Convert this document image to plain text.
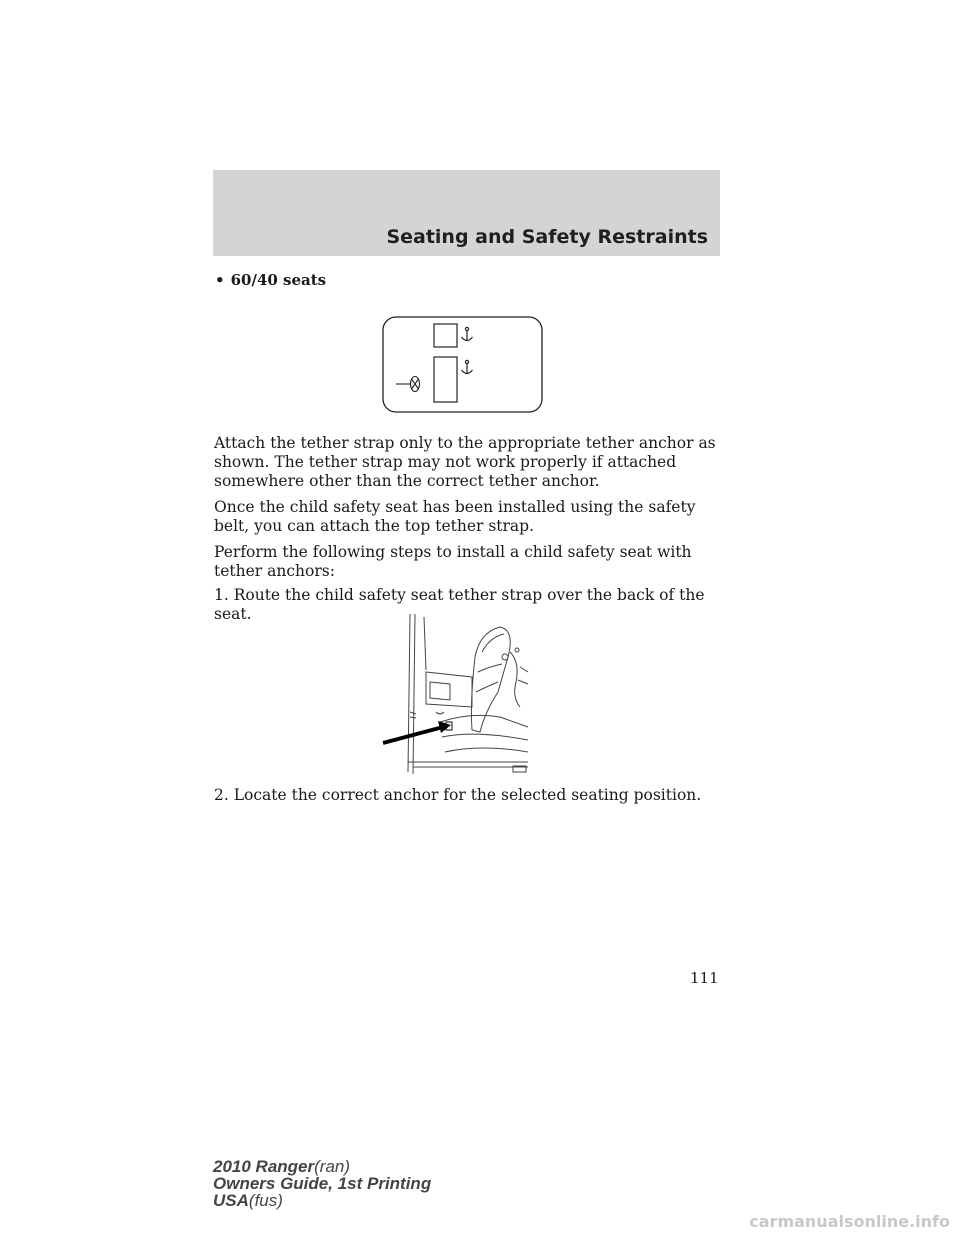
Seating and Safety Restraints
• 60/40 seats

Attach the tether strap only to the appropriate tether anchor as shown. The tether strap may not work properly if attached somewhere other than the correct tether anchor.

Once the child safety seat has been installed using the safety belt, you can attach the top tether strap.

Perform the following steps to install a child safety seat with tether anchors:

1. Route the child safety seat tether strap over the back of the seat.

2. Locate the correct anchor for the selected seating position.

111
2010 Ranger(ran)
Owners Guide, 1st Printing
USA(fus)
carmanualsonline.info
